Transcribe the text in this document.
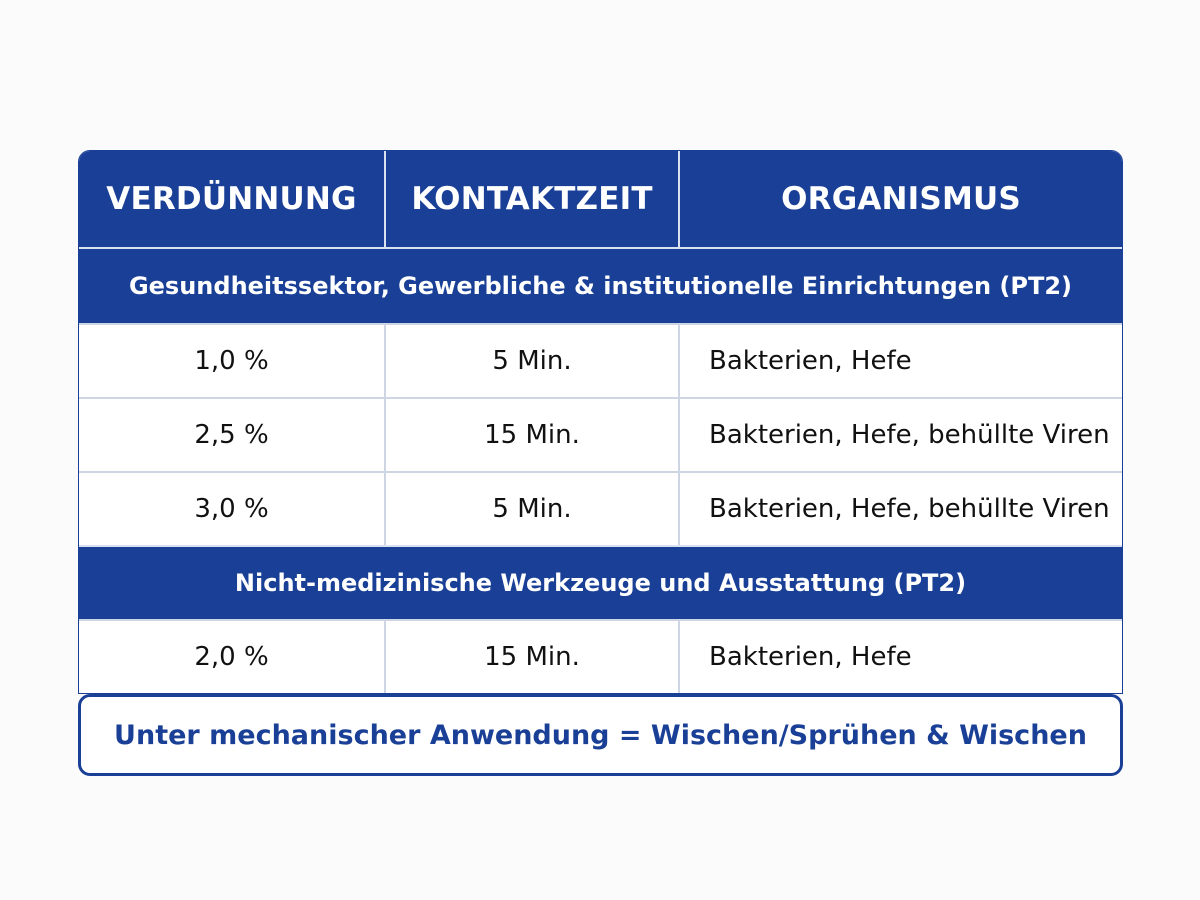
VERDÜNNUNG	KONTAKTZEIT	ORGANISMUS
Gesundheitssektor, Gewerbliche & institutionelle Einrichtungen (PT2)
1,0 %	5 Min.	Bakterien, Hefe
2,5 %	15 Min.	Bakterien, Hefe, behüllte Viren
3,0 %	5 Min.	Bakterien, Hefe, behüllte Viren
Nicht-medizinische Werkzeuge und Ausstattung (PT2)
2,0 %	15 Min.	Bakterien, Hefe
Unter mechanischer Anwendung = Wischen/Sprühen & Wischen
